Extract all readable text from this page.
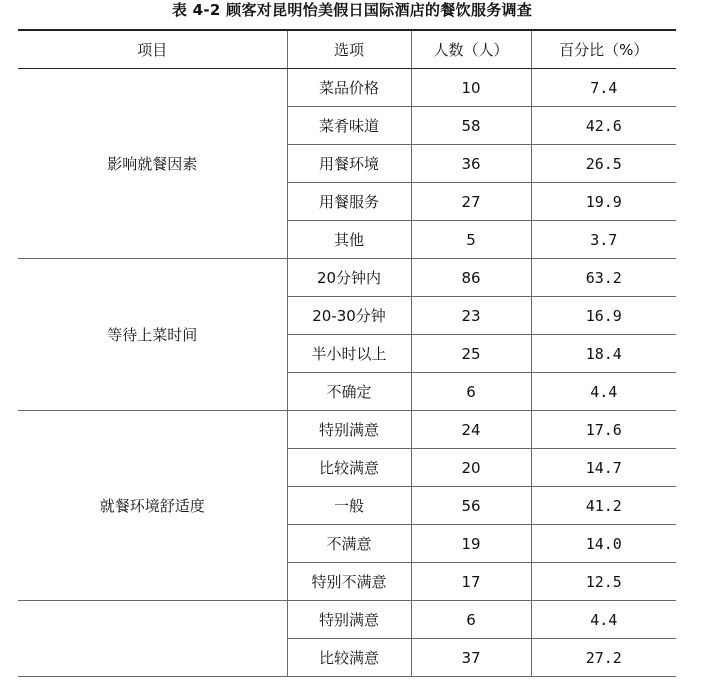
表 4-2 顾客对昆明怡美假日国际酒店的餐饮服务调查
项目	选项	人数（人）	百分比（%）
影响就餐因素	菜品价格	10	7.4
	菜肴味道	58	42.6
	用餐环境	36	26.5
	用餐服务	27	19.9
	其他	5	3.7
等待上菜时间	20分钟内	86	63.2
	20-30分钟	23	16.9
	半小时以上	25	18.4
	不确定	6	4.4
就餐环境舒适度	特别满意	24	17.6
	比较满意	20	14.7
	一般	56	41.2
	不满意	19	14.0
	特别不满意	17	12.5
	特别满意	6	4.4
	比较满意	37	27.2
